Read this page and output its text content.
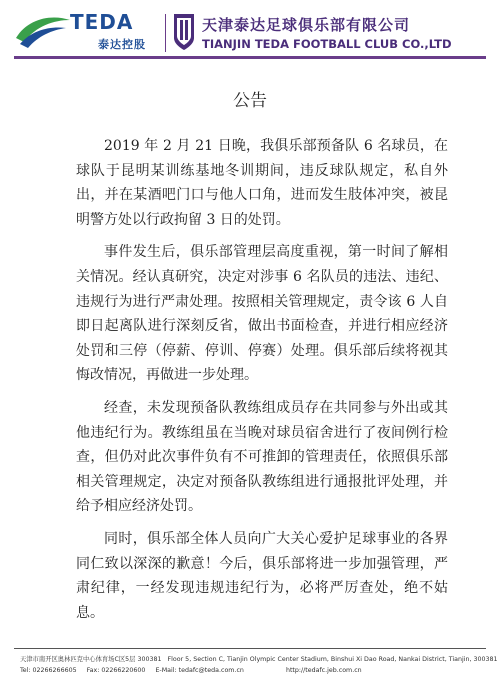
TEDA
泰达控股
天津泰达足球俱乐部有限公司
TIANJIN TEDA FOOTBALL CLUB CO.,LTD
公告

2019 年 2 月 21 日晚，我俱乐部预备队 6 名球员，在球队于昆明某训练基地冬训期间，违反球队规定，私自外出，并在某酒吧门口与他人口角，进而发生肢体冲突，被昆明警方处以行政拘留 3 日的处罚。

事件发生后，俱乐部管理层高度重视，第一时间了解相关情况。经认真研究，决定对涉事 6 名队员的违法、违纪、违规行为进行严肃处理。按照相关管理规定，责令该 6 人自即日起离队进行深刻反省，做出书面检查，并进行相应经济处罚和三停（停薪、停训、停赛）处理。俱乐部后续将视其悔改情况，再做进一步处理。

经查，未发现预备队教练组成员存在共同参与外出或其他违纪行为。教练组虽在当晚对球员宿舍进行了夜间例行检查，但仍对此次事件负有不可推卸的管理责任，依照俱乐部相关管理规定，决定对预备队教练组进行通报批评处理，并给予相应经济处罚。

同时，俱乐部全体人员向广大关心爱护足球事业的各界同仁致以深深的歉意！今后，俱乐部将进一步加强管理，严肃纪律，一经发现违规违纪行为，必将严厉查处，绝不姑息。

天津市南开区奥林匹克中心体育场C区5层 300381 Floor 5, Section C, Tianjin Olympic Center Stadium, Binshui Xi Dao Road, Nankai District, Tianjin, 300381
Tel: 02266266605 Fax: 02266220600 E-Mail: tedafc@teda.com.cn	http://tedafc.jeb.com.cn
